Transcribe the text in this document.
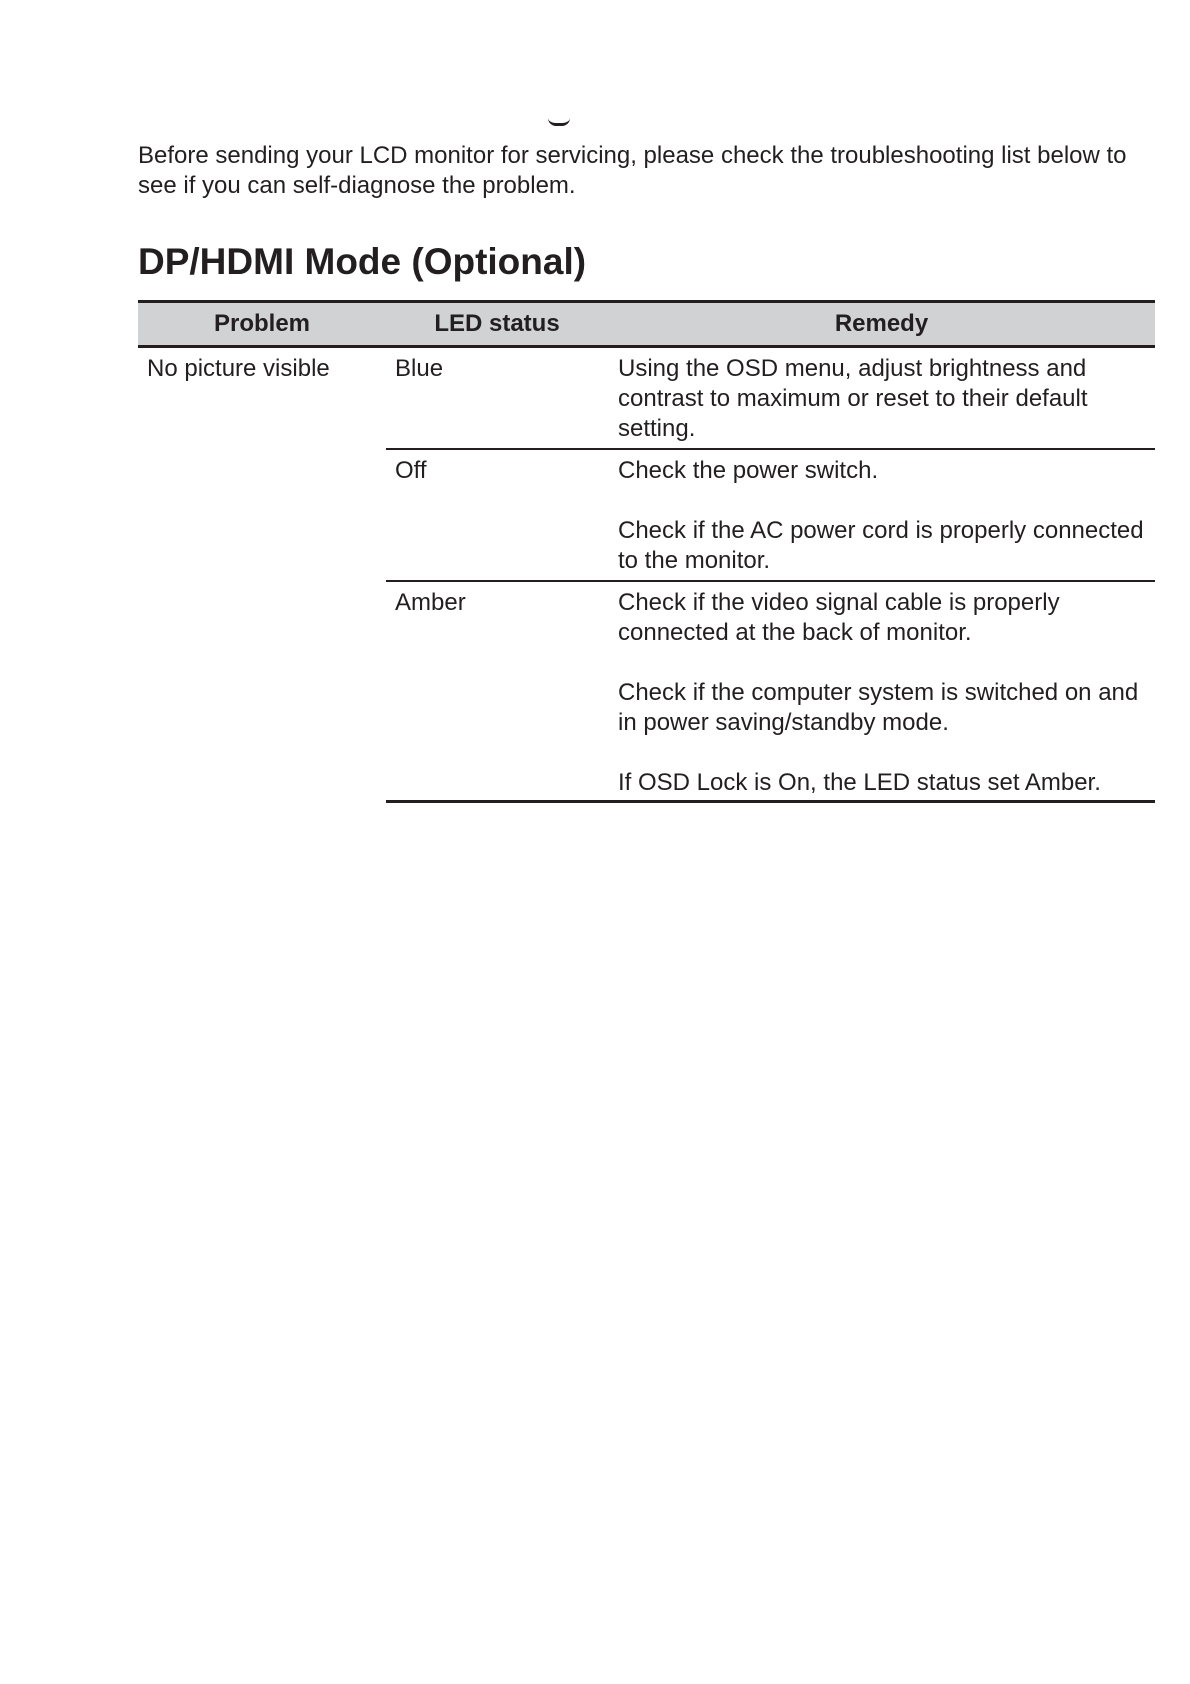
Before sending your LCD monitor for servicing, please check the troubleshooting list below to see if you can self-diagnose the problem.

DP/HDMI Mode (Optional)
Problem	LED status	Remedy
No picture visible	Blue	Using the OSD menu, adjust brightness and contrast to maximum or reset to their default setting.

	Off	Check the power switch.
Check if the AC power cord is properly connected to the monitor.

	Amber	Check if the video signal cable is properly connected at the back of monitor.
Check if the computer system is switched on and in power saving/standby mode.
If OSD Lock is On, the LED status set Amber.
